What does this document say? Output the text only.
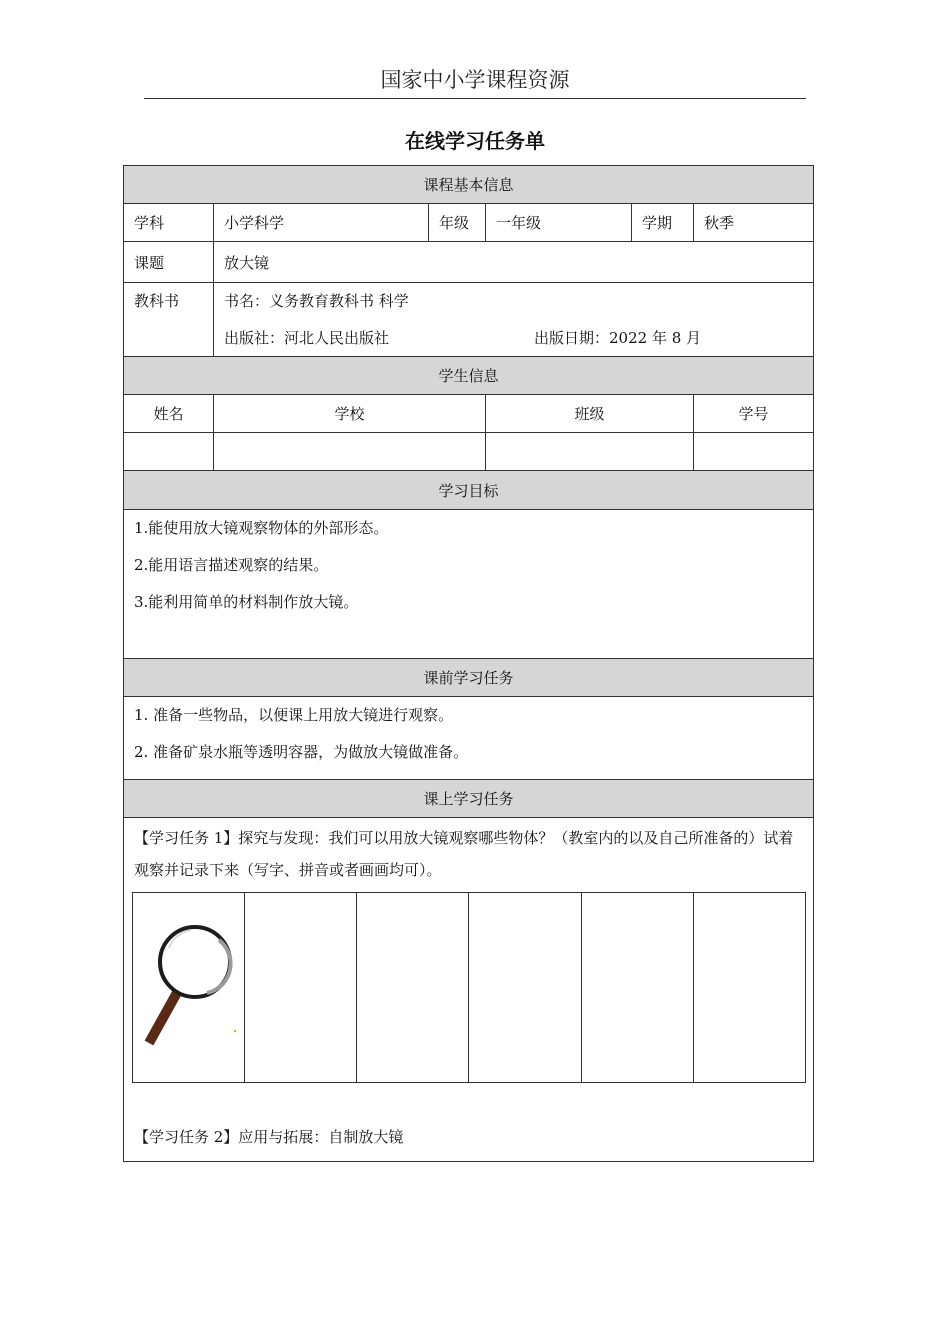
国家中小学课程资源
在线学习任务单
课程基本信息
学科	小学科学	年级	一年级	学期	秋季
课题	放大镜

教科书	书名：义务教育教科书 科学
出版社：河北人民出版社	出版日期：2022 年 8 月

学生信息
姓名	学校	班级	学号

学习目标

1.能使用放大镜观察物体的外部形态。
2.能用语言描述观察的结果。
3.能利用简单的材料制作放大镜。

课前学习任务

1. 准备一些物品，以便课上用放大镜进行观察。
2. 准备矿泉水瓶等透明容器，为做放大镜做准备。

课上学习任务

【学习任务 1】探究与发现：我们可以用放大镜观察哪些物体？（教室内的以及自己所准备的）试着观察并记录下来（写字、拼音或者画画均可）。

【学习任务 2】应用与拓展：自制放大镜
